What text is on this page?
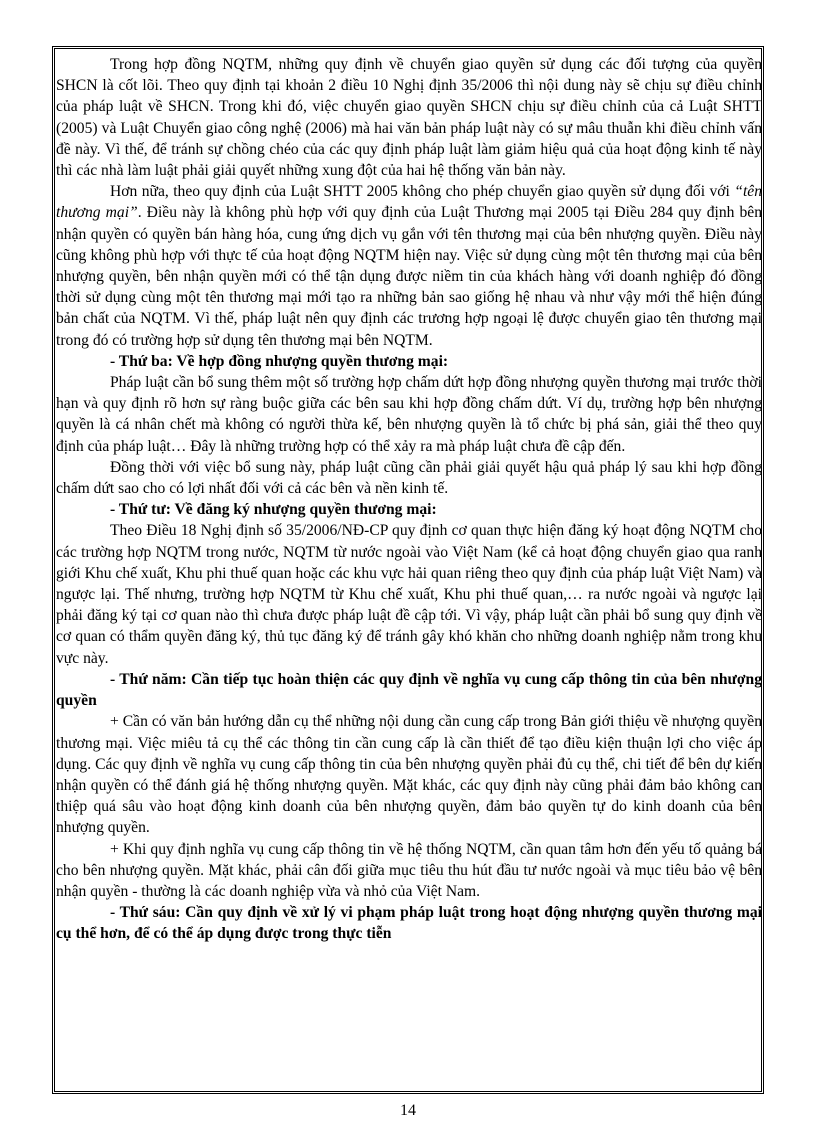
Trong hợp đồng NQTM, những quy định về chuyển giao quyền sử dụng các đối tượng của quyền SHCN là cốt lõi. Theo quy định tại khoản 2 điều 10 Nghị định 35/2006 thì nội dung này sẽ chịu sự điều chỉnh của pháp luật về SHCN. Trong khi đó, việc chuyển giao quyền SHCN chịu sự điều chỉnh của cả Luật SHTT (2005) và Luật Chuyển giao công nghệ (2006) mà hai văn bản pháp luật này có sự mâu thuẫn khi điều chỉnh vấn đề này. Vì thế, để tránh sự chồng chéo của các quy định pháp luật làm giảm hiệu quả của hoạt động kinh tế này thì các nhà làm luật phải giải quyết những xung đột của hai hệ thống văn bản này.

Hơn nữa, theo quy định của Luật SHTT 2005 không cho phép chuyển giao quyền sử dụng đối với “tên thương mại”. Điều này là không phù hợp với quy định của Luật Thương mại 2005 tại Điều 284 quy định bên nhận quyền có quyền bán hàng hóa, cung ứng dịch vụ gắn với tên thương mại của bên nhượng quyền. Điều này cũng không phù hợp với thực tế của hoạt động NQTM hiện nay. Việc sử dụng cùng một tên thương mại của bên nhượng quyền, bên nhận quyền mới có thể tận dụng được niềm tin của khách hàng với doanh nghiệp đó đồng thời sử dụng cùng một tên thương mại mới tạo ra những bản sao giống hệ nhau và như vậy mới thể hiện đúng bản chất của NQTM. Vì thế, pháp luật nên quy định các trương hợp ngoại lệ được chuyển giao tên thương mại trong đó có trường hợp sử dụng tên thương mại bên NQTM.

- Thứ ba: Về hợp đồng nhượng quyền thương mại:

Pháp luật cần bổ sung thêm một số trường hợp chấm dứt hợp đồng nhượng quyền thương mại trước thời hạn và quy định rõ hơn sự ràng buộc giữa các bên sau khi hợp đồng chấm dứt. Ví dụ, trường hợp bên nhượng quyền là cá nhân chết mà không có người thừa kế, bên nhượng quyền là tổ chức bị phá sản, giải thể theo quy định của pháp luật… Đây là những trường hợp có thể xảy ra mà pháp luật chưa đề cập đến.

Đồng thời với việc bổ sung này, pháp luật cũng cần phải giải quyết hậu quả pháp lý sau khi hợp đồng chấm dứt sao cho có lợi nhất đối với cả các bên và nền kinh tế.

- Thứ tư: Về đăng ký nhượng quyền thương mại:

Theo Điều 18 Nghị định số 35/2006/NĐ-CP quy định cơ quan thực hiện đăng ký hoạt động NQTM cho các trường hợp NQTM trong nước, NQTM từ nước ngoài vào Việt Nam (kể cả hoạt động chuyển giao qua ranh giới Khu chế xuất, Khu phi thuế quan hoặc các khu vực hải quan riêng theo quy định của pháp luật Việt Nam) và ngược lại. Thế nhưng, trường hợp NQTM từ Khu chế xuất, Khu phi thuế quan,… ra nước ngoài và ngược lại phải đăng ký tại cơ quan nào thì chưa được pháp luật đề cập tới. Vì vậy, pháp luật cần phải bổ sung quy định về cơ quan có thẩm quyền đăng ký, thủ tục đăng ký để tránh gây khó khăn cho những doanh nghiệp nằm trong khu vực này.

- Thứ năm: Cần tiếp tục hoàn thiện các quy định về nghĩa vụ cung cấp thông tin của bên nhượng quyền

+ Cần có văn bản hướng dẫn cụ thể những nội dung cần cung cấp trong Bản giới thiệu về nhượng quyền thương mại. Việc miêu tả cụ thể các thông tin cần cung cấp là cần thiết để tạo điều kiện thuận lợi cho việc áp dụng. Các quy định về nghĩa vụ cung cấp thông tin của bên nhượng quyền phải đủ cụ thể, chi tiết để bên dự kiến nhận quyền có thể đánh giá hệ thống nhượng quyền. Mặt khác, các quy định này cũng phải đảm bảo không can thiệp quá sâu vào hoạt động kinh doanh của bên nhượng quyền, đảm bảo quyền tự do kinh doanh của bên nhượng quyền.

+ Khi quy định nghĩa vụ cung cấp thông tin về hệ thống NQTM, cần quan tâm hơn đến yếu tố quảng bá cho bên nhượng quyền. Mặt khác, phải cân đối giữa mục tiêu thu hút đầu tư nước ngoài và mục tiêu bảo vệ bên nhận quyền - thường là các doanh nghiệp vừa và nhỏ của Việt Nam.

- Thứ sáu: Cần quy định về xử lý vi phạm pháp luật trong hoạt động nhượng quyền thương mại cụ thể hơn, để có thể áp dụng được trong thực tiễn

14
